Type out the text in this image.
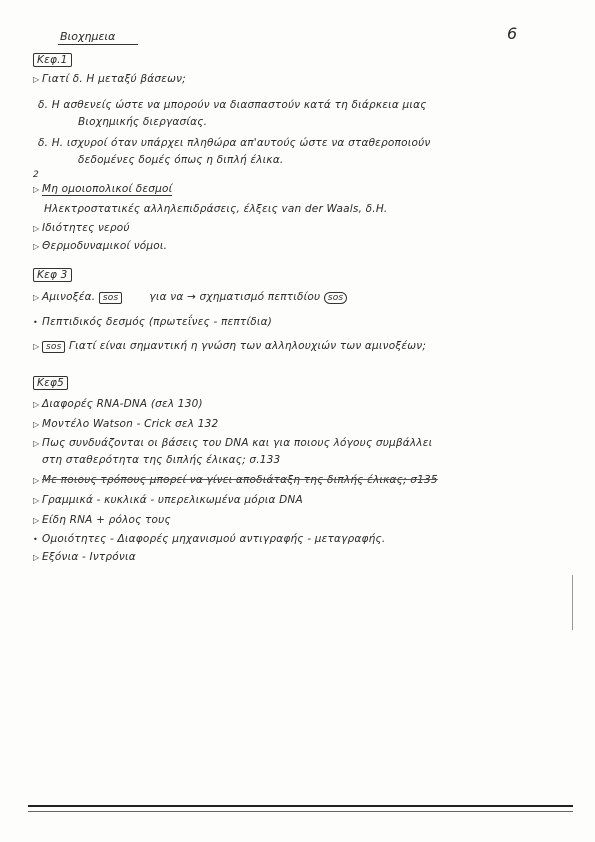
6
Βιοχημεια
Κεφ.1
▷ Γιατί δ. Η μεταξύ βάσεων;
δ. Η ασθενείς ώστε να μπορούν να διασπαστούν κατά τη διάρκεια μιας
Βιοχημικής διεργασίας.
δ. Η. ισχυροί όταν υπάρχει πληθώρα απ'αυτούς ώστε να σταθεροποιούν
δεδομένες δομές όπως η διπλή έλικα.
2
▷ Μη ομοιοπολικοί δεσμοί
Ηλεκτροστατικές αλληλεπιδράσεις, έλξεις van der Waals, δ.Η.
▷ Ιδιότητες νερού
▷ Θερμοδυναμικοί νόμοι.
Κεφ 3
▷ Αμινοξέα. sos	για να → σχηματισμό πεπτιδίου sos
• Πεπτιδικός δεσμός (πρωτεΐνες - πεπτίδια)
▷ sos Γιατί είναι σημαντική η γνώση των αλληλουχιών των αμινοξέων;
Κεφ5
▷ Διαφορές RNA-DNA (σελ 130)
▷ Μοντέλο Watson - Crick σελ 132
▷ Πως συνδυάζονται οι βάσεις του DNA και για ποιους λόγους συμβάλλει
στη σταθερότητα της διπλής έλικας; σ.133
▷ Με ποιους τρόπους μπορεί να γίνει αποδιάταξη της διπλής έλικας; σ135
▷ Γραμμικά - κυκλικά - υπερελικωμένα μόρια DNA
▷ Είδη RNA + ρόλος τους
• Ομοιότητες - Διαφορές μηχανισμού αντιγραφής - μεταγραφής.
▷ Εξόνια - Ιντρόνια
